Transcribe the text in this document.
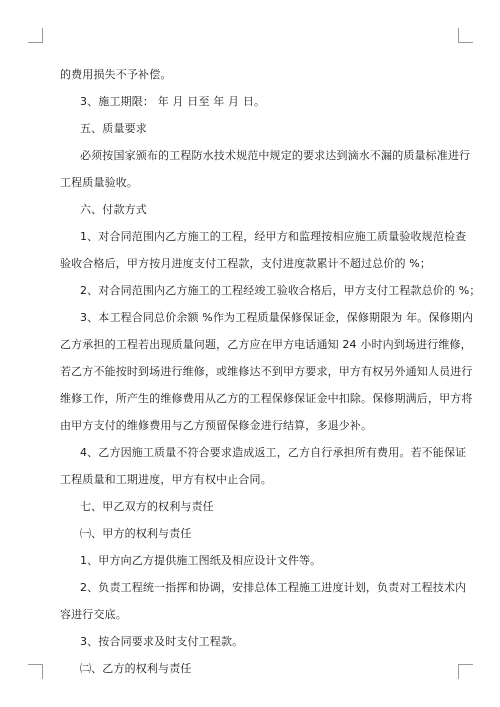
的费用损失不予补偿。
3、施工期限： 年 月 日至 年 月 日。
五、质量要求
必须按国家颁布的工程防水技术规范中规定的要求达到滴水不漏的质量标准进行
工程质量验收。
六、付款方式
1、对合同范围内乙方施工的工程，经甲方和监理按相应施工质量验收规范检查
验收合格后，甲方按月进度支付工程款，支付进度款累计不超过总价的 %；
2、对合同范围内乙方施工的工程经竣工验收合格后，甲方支付工程款总价的 %；
3、本工程合同总价余额 %作为工程质量保修保证金，保修期限为 年。保修期内
乙方承担的工程若出现质量问题，乙方应在甲方电话通知 24 小时内到场进行维修，
若乙方不能按时到场进行维修，或维修达不到甲方要求，甲方有权另外通知人员进行
维修工作，所产生的维修费用从乙方的工程保修保证金中扣除。保修期满后，甲方将
由甲方支付的维修费用与乙方预留保修金进行结算，多退少补。
4、乙方因施工质量不符合要求造成返工，乙方自行承担所有费用。若不能保证
工程质量和工期进度，甲方有权中止合同。
七、甲乙双方的权利与责任
㈠、甲方的权利与责任
1、甲方向乙方提供施工图纸及相应设计文件等。
2、负责工程统一指挥和协调，安排总体工程施工进度计划，负责对工程技术内
容进行交底。
3、按合同要求及时支付工程款。
㈡、乙方的权利与责任
